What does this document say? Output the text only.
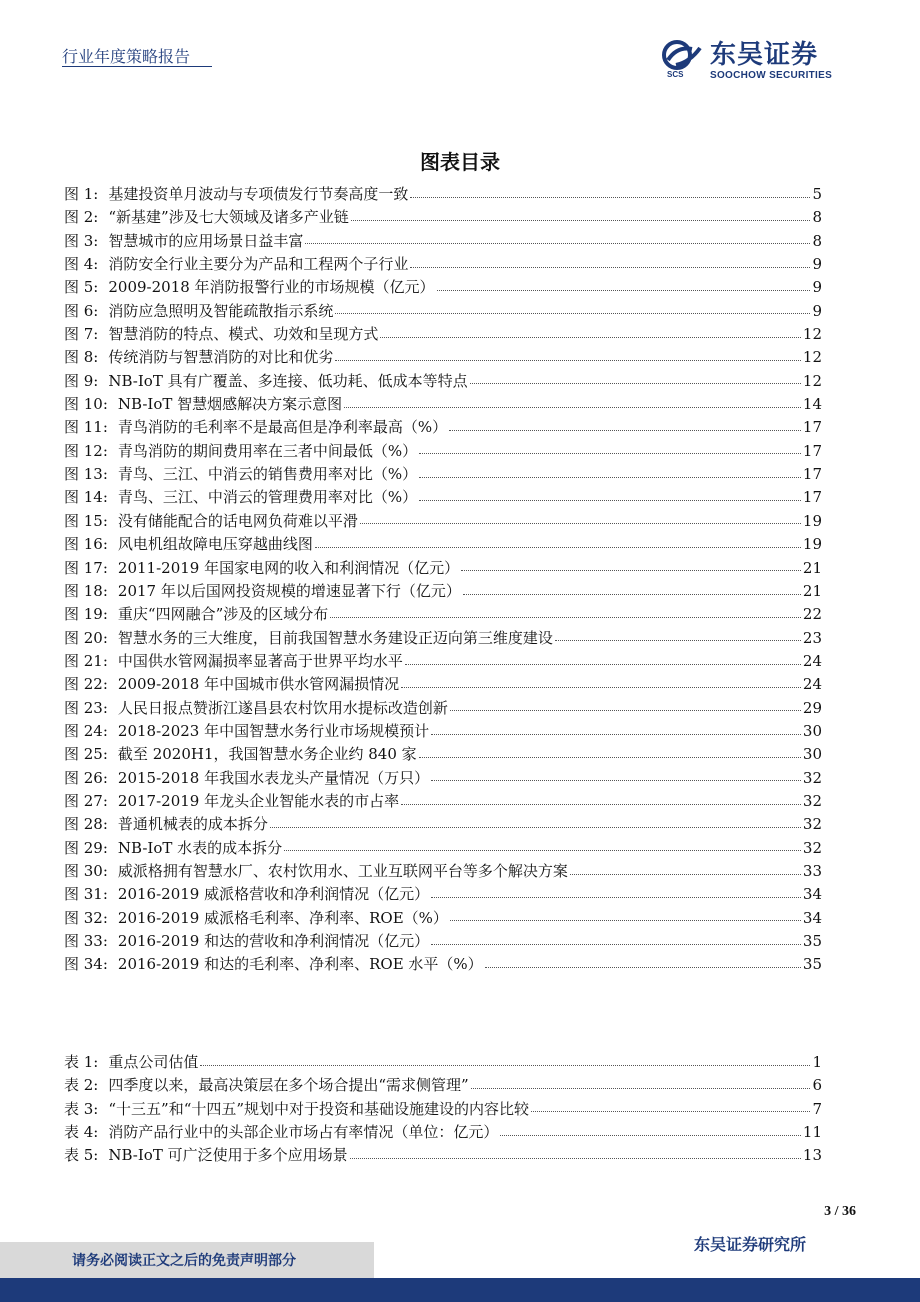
行业年度策略报告
SCS
东吴证券
SOOCHOW SECURITIES
图表目录
图 1: 基建投资单月波动与专项债发行节奏高度一致	5
图 2: “新基建”涉及七大领域及诸多产业链	8
图 3: 智慧城市的应用场景日益丰富	8
图 4: 消防安全行业主要分为产品和工程两个子行业	9
图 5: 2009-2018 年消防报警行业的市场规模（亿元）	9
图 6: 消防应急照明及智能疏散指示系统	9
图 7: 智慧消防的特点、模式、功效和呈现方式	12
图 8: 传统消防与智慧消防的对比和优劣	12
图 9: NB-IoT 具有广覆盖、多连接、低功耗、低成本等特点	12
图 10: NB-IoT 智慧烟感解决方案示意图	14
图 11: 青鸟消防的毛利率不是最高但是净利率最高（%）	17
图 12: 青鸟消防的期间费用率在三者中间最低（%）	17
图 13: 青鸟、三江、中消云的销售费用率对比（%）	17
图 14: 青鸟、三江、中消云的管理费用率对比（%）	17
图 15: 没有储能配合的话电网负荷难以平滑	19
图 16: 风电机组故障电压穿越曲线图	19
图 17: 2011-2019 年国家电网的收入和利润情况（亿元）	21
图 18: 2017 年以后国网投资规模的增速显著下行（亿元）	21
图 19: 重庆“四网融合”涉及的区域分布	22
图 20: 智慧水务的三大维度，目前我国智慧水务建设正迈向第三维度建设	23
图 21: 中国供水管网漏损率显著高于世界平均水平	24
图 22: 2009-2018 年中国城市供水管网漏损情况	24
图 23: 人民日报点赞浙江遂昌县农村饮用水提标改造创新	29
图 24: 2018-2023 年中国智慧水务行业市场规模预计	30
图 25: 截至 2020H1，我国智慧水务企业约 840 家	30
图 26: 2015-2018 年我国水表龙头产量情况（万只）	32
图 27: 2017-2019 年龙头企业智能水表的市占率	32
图 28: 普通机械表的成本拆分	32
图 29: NB-IoT 水表的成本拆分	32
图 30: 威派格拥有智慧水厂、农村饮用水、工业互联网平台等多个解决方案	33
图 31: 2016-2019 威派格营收和净利润情况（亿元）	34
图 32: 2016-2019 威派格毛利率、净利率、ROE（%）	34
图 33: 2016-2019 和达的营收和净利润情况（亿元）	35
图 34: 2016-2019 和达的毛利率、净利率、ROE 水平（%）	35
表 1: 重点公司估值	1
表 2: 四季度以来，最高决策层在多个场合提出“需求侧管理”	6
表 3: “十三五”和“十四五”规划中对于投资和基础设施建设的内容比较	7
表 4: 消防产品行业中的头部企业市场占有率情况（单位：亿元）	11
表 5: NB-IoT 可广泛使用于多个应用场景	13
3 / 36
东吴证券研究所
请务必阅读正文之后的免责声明部分
